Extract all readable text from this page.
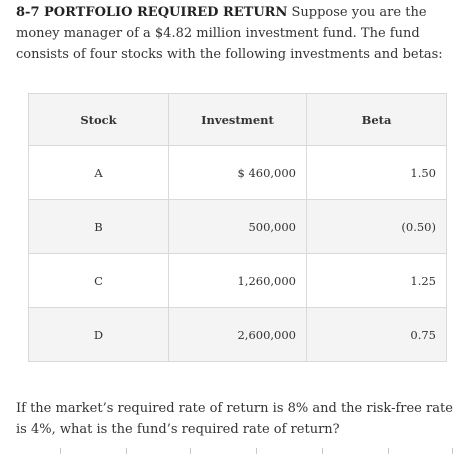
8-7 PORTFOLIO REQUIRED RETURN Suppose you are the money manager of a $4.82 million investment fund. The fund consists of four stocks with the following investments and betas:

Stock	Investment	Beta
A	$ 460,000	1.50
B	500,000	(0.50)
C	1,260,000	1.25
D	2,600,000	0.75

If the market’s required rate of return is 8% and the risk-free rate is 4%, what is the fund’s required rate of return?
